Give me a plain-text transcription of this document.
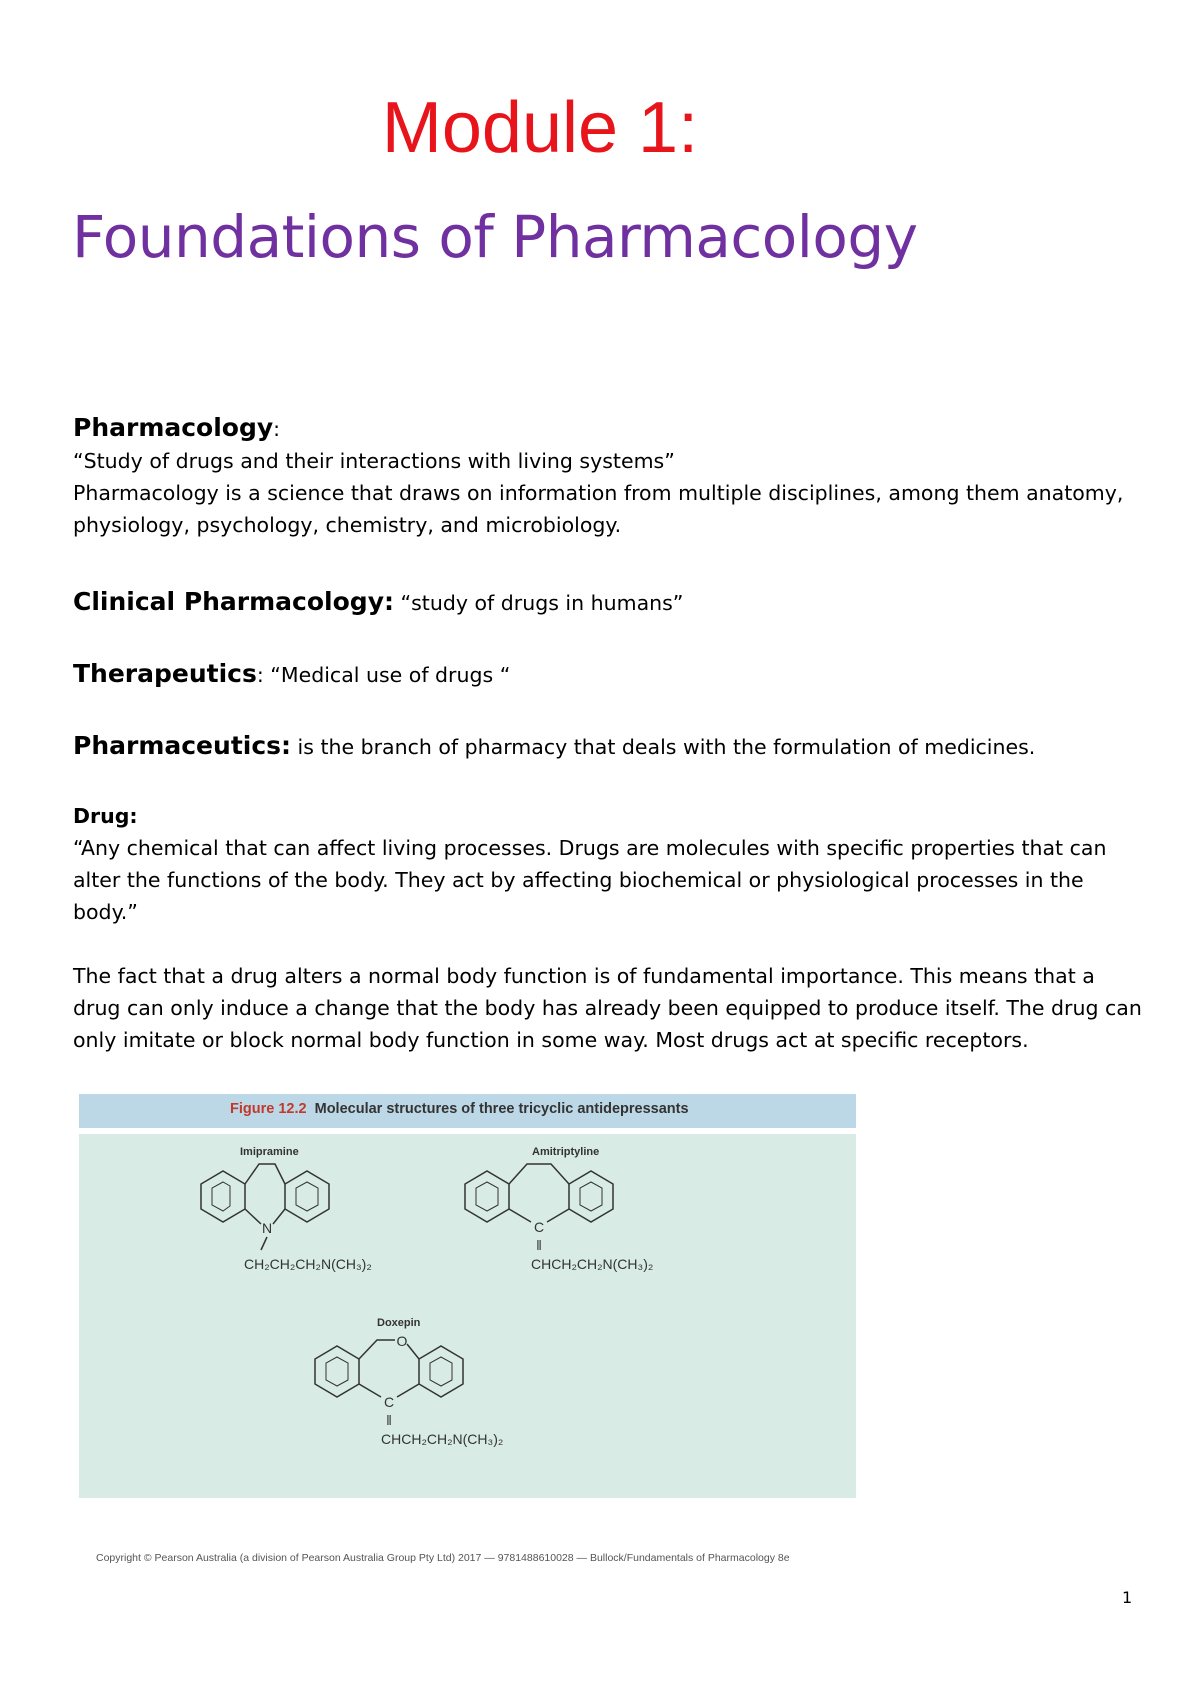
Module 1:
Foundations of Pharmacology

Pharmacology:

“Study of drugs and their interactions with living systems”

Pharmacology is a science that draws on information from multiple disciplines, among them anatomy, physiology, psychology, chemistry, and microbiology.

Clinical Pharmacology: “study of drugs in humans”

Therapeutics: “Medical use of drugs “

Pharmaceutics: is the branch of pharmacy that deals with the formulation of medicines.

Drug:

“Any chemical that can affect living processes. Drugs are molecules with specific properties that can alter the functions of the body. They act by affecting biochemical or physiological processes in the body.”

The fact that a drug alters a normal body function is of fundamental importance. This means that a drug can only induce a change that the body has already been equipped to produce itself. The drug can only imitate or block normal body function in some way. Most drugs act at specific receptors.

Figure 12.2 Molecular structures of three tricyclic antidepressants
Imipramine
N
CH₂CH₂CH₂N(CH₃)₂
Amitriptyline
C
‖
CHCH₂CH₂N(CH₃)₂
Doxepin
O
C
‖
CHCH₂CH₂N(CH₃)₂
Copyright © Pearson Australia (a division of Pearson Australia Group Pty Ltd) 2017 — 9781488610028 — Bullock/Fundamentals of Pharmacology 8e
1
